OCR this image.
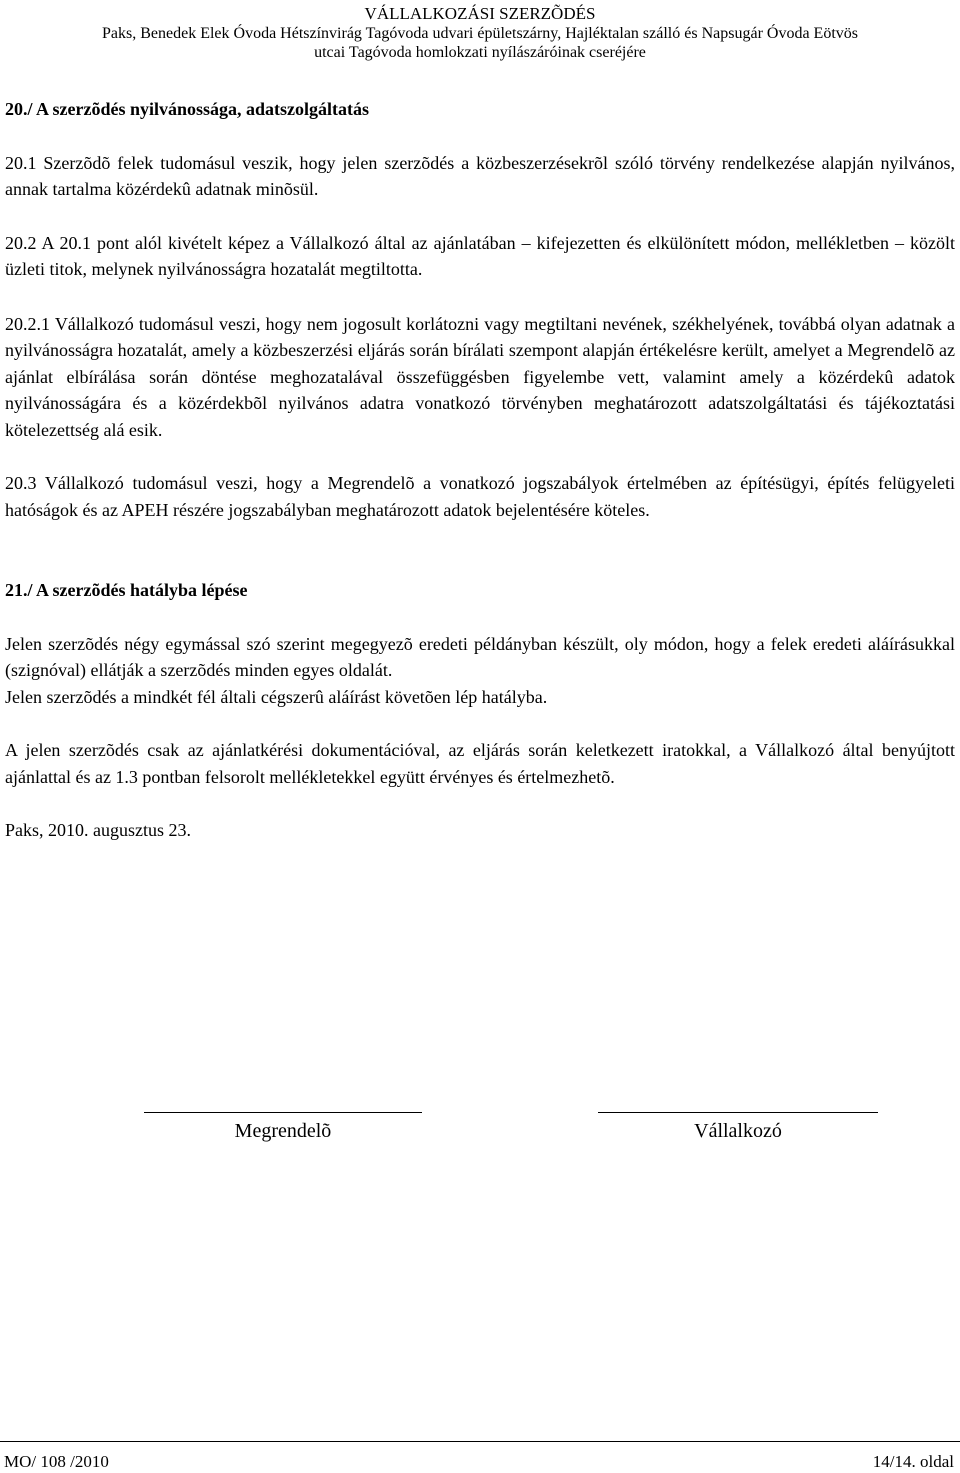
VÁLLALKOZÁSI SZERZÕDÉS
Paks, Benedek Elek Óvoda Hétszínvirág Tagóvoda udvari épületszárny, Hajléktalan szálló és Napsugár Óvoda Eötvös
utcai Tagóvoda homlokzati nyílászáróinak cseréjére

20./ A szerzõdés nyilvánossága, adatszolgáltatás

20.1 Szerzõdõ felek tudomásul veszik, hogy jelen szerzõdés a közbeszerzésekrõl szóló törvény rendelkezése alapján nyilvános, annak tartalma közérdekû adatnak minõsül.

20.2 A 20.1 pont alól kivételt képez a Vállalkozó által az ajánlatában – kifejezetten és elkülönített módon, mellékletben – közölt üzleti titok, melynek nyilvánosságra hozatalát megtiltotta.

20.2.1 Vállalkozó tudomásul veszi, hogy nem jogosult korlátozni vagy megtiltani nevének, székhelyének, továbbá olyan adatnak a nyilvánosságra hozatalát, amely a közbeszerzési eljárás során bírálati szempont alapján értékelésre került, amelyet a Megrendelõ az ajánlat elbírálása során döntése meghozatalával összefüggésben figyelembe vett, valamint amely a közérdekû adatok nyilvánosságára és a közérdekbõl nyilvános adatra vonatkozó törvényben meghatározott adatszolgáltatási és tájékoztatási kötelezettség alá esik.

20.3 Vállalkozó tudomásul veszi, hogy a Megrendelõ a vonatkozó jogszabályok értelmében az építésügyi, építés felügyeleti hatóságok és az APEH részére jogszabályban meghatározott adatok bejelentésére köteles.

21./ A szerzõdés hatályba lépése

Jelen szerzõdés négy egymással szó szerint megegyezõ eredeti példányban készült, oly módon, hogy a felek eredeti aláírásukkal (szignóval) ellátják a szerzõdés minden egyes oldalát.

Jelen szerzõdés a mindkét fél általi cégszerû aláírást követõen lép hatályba.

A jelen szerzõdés csak az ajánlatkérési dokumentációval, az eljárás során keletkezett iratokkal, a Vállalkozó által benyújtott ajánlattal és az 1.3 pontban felsorolt mellékletekkel együtt érvényes és értelmezhetõ.

Paks, 2010. augusztus 23.

Megrendelõ	Vállalkozó
MO/ 108 /2010	14/14. oldal
